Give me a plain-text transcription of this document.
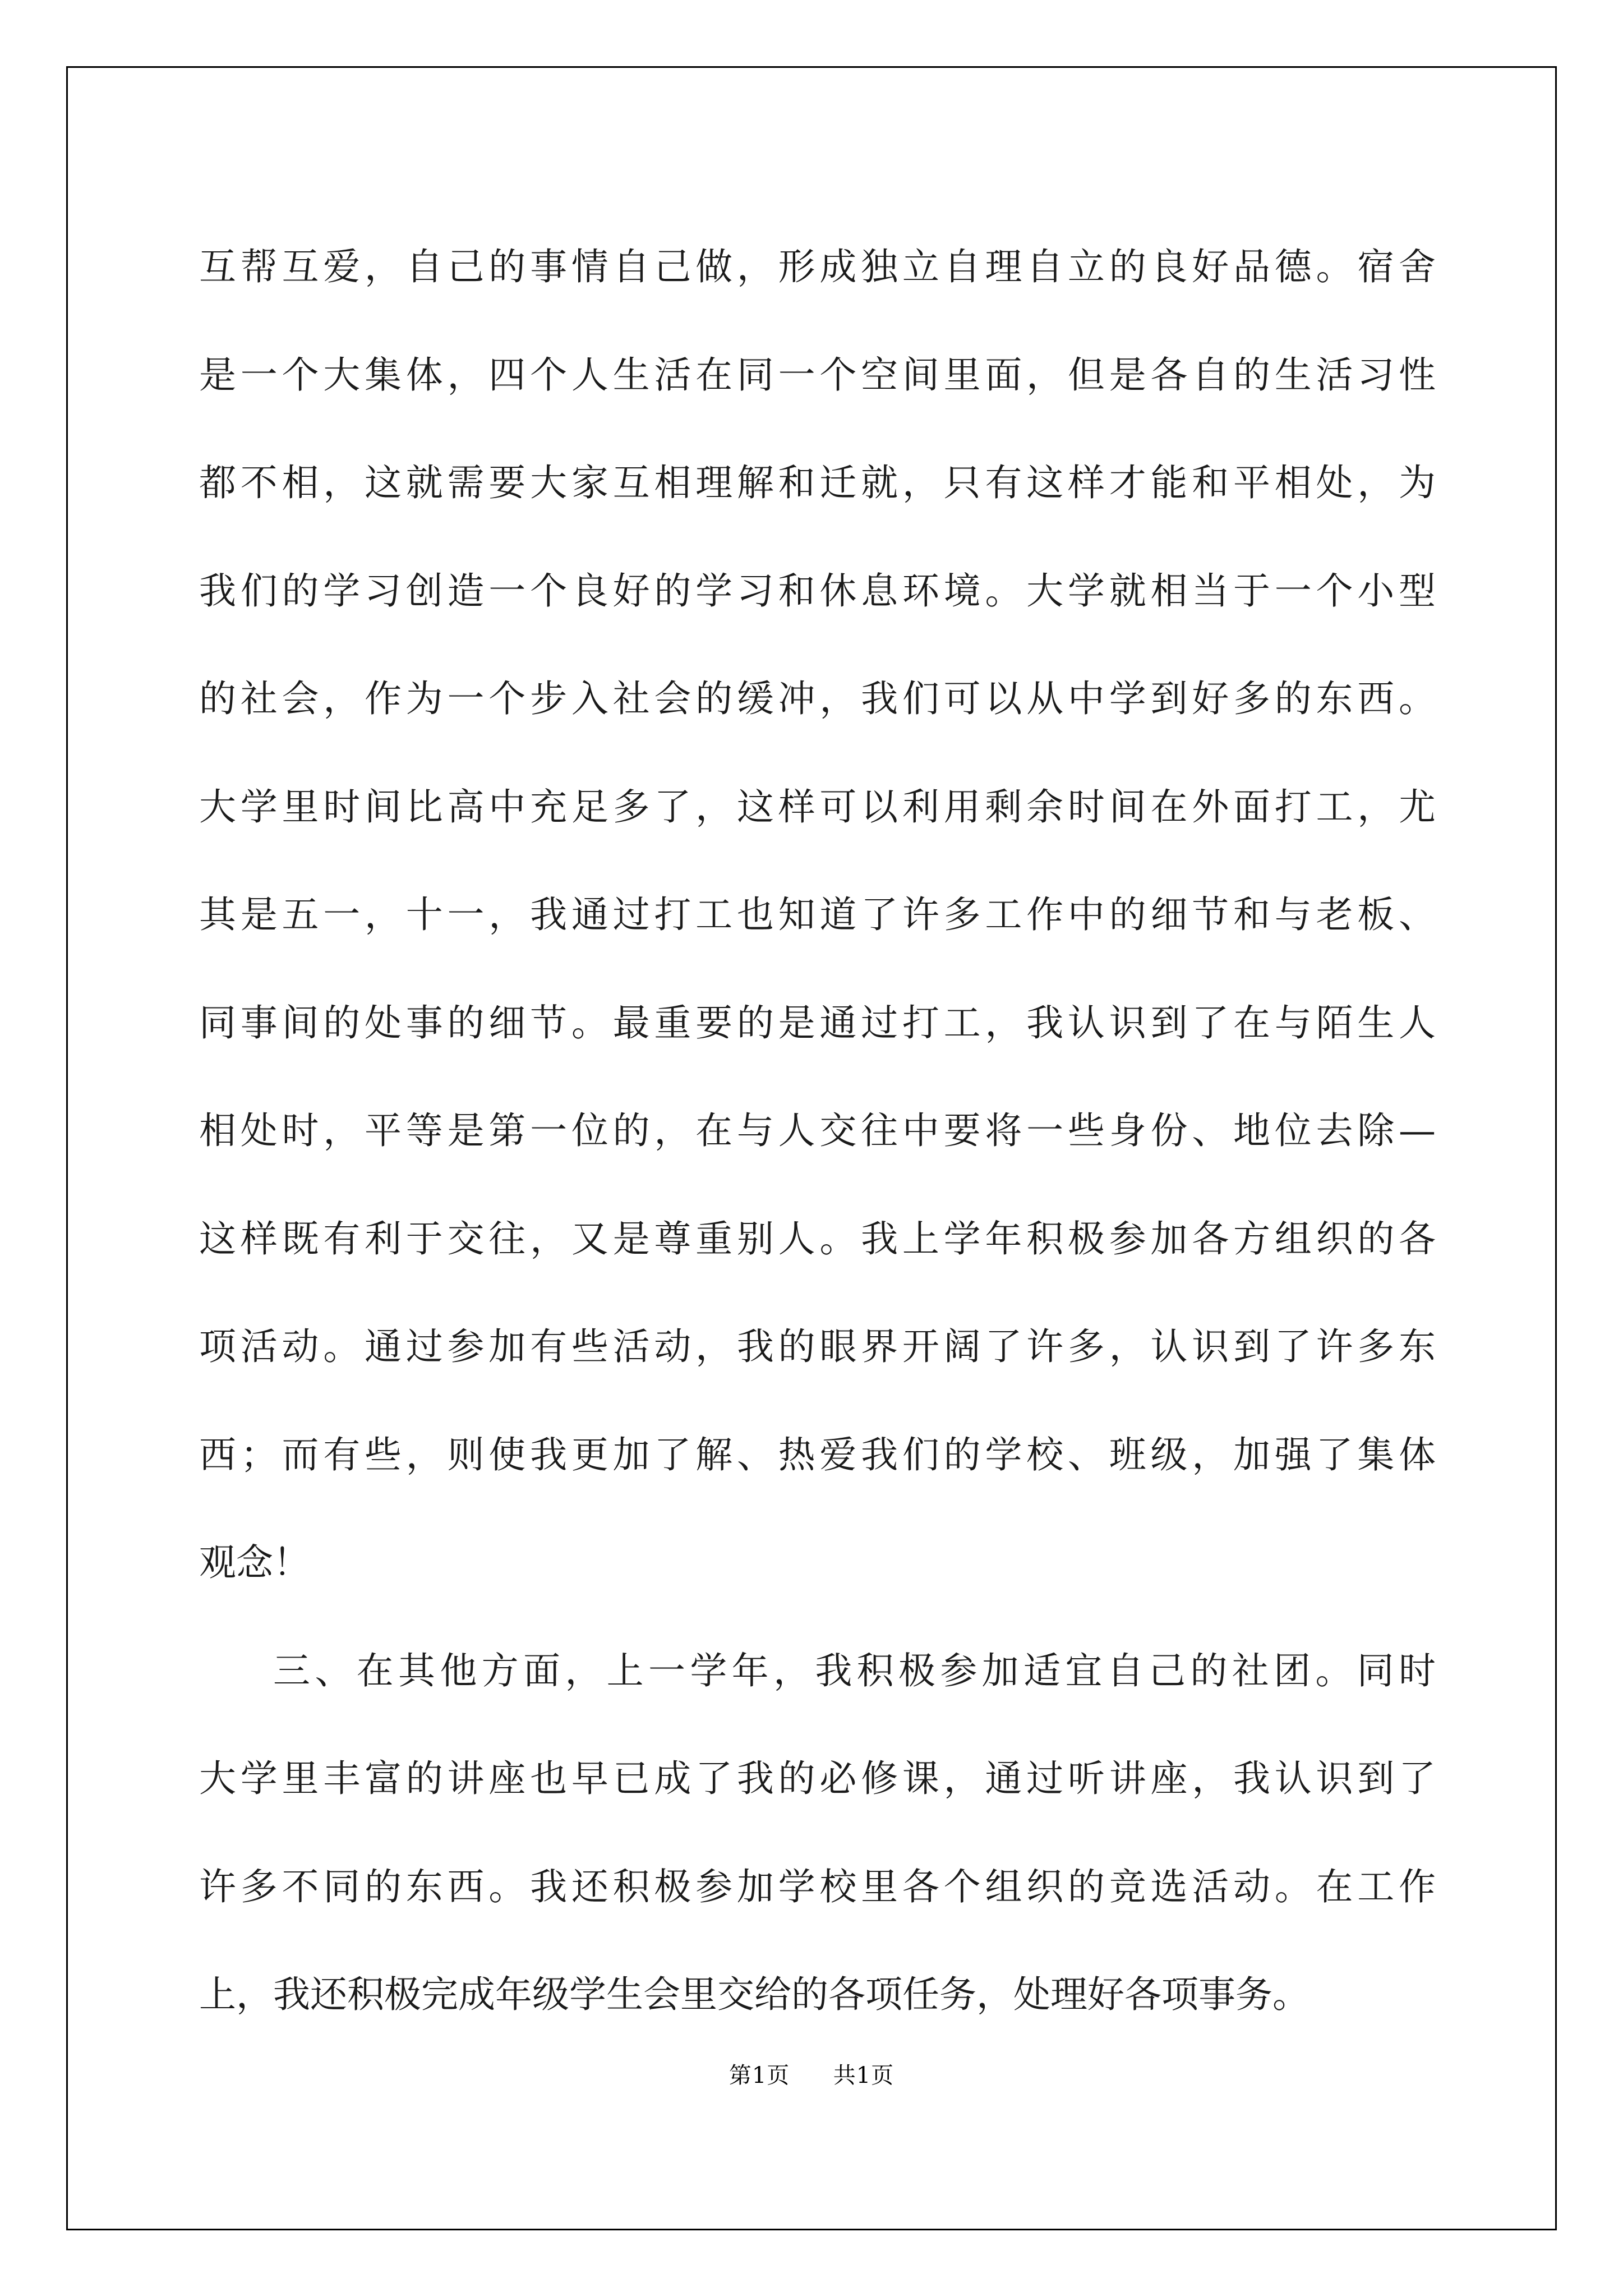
互帮互爱，自己的事情自己做，形成独立自理自立的良好品德。宿舍
是一个大集体，四个人生活在同一个空间里面，但是各自的生活习性
都不相，这就需要大家互相理解和迁就，只有这样才能和平相处，为
我们的学习创造一个良好的学习和休息环境。大学就相当于一个小型
的社会，作为一个步入社会的缓冲，我们可以从中学到好多的东西。
大学里时间比高中充足多了，这样可以利用剩余时间在外面打工，尤
其是五一，十一，我通过打工也知道了许多工作中的细节和与老板、
同事间的处事的细节。最重要的是通过打工，我认识到了在与陌生人
相处时，平等是第一位的，在与人交往中要将一些身份、地位去除—
这样既有利于交往，又是尊重别人。我上学年积极参加各方组织的各
项活动。通过参加有些活动，我的眼界开阔了许多，认识到了许多东
西；而有些，则使我更加了解、热爱我们的学校、班级，加强了集体
观念！
三、在其他方面，上一学年，我积极参加适宜自己的社团。同时
大学里丰富的讲座也早已成了我的必修课，通过听讲座，我认识到了
许多不同的东西。我还积极参加学校里各个组织的竞选活动。在工作
上，我还积极完成年级学生会里交给的各项任务，处理好各项事务。
第1页 共1页
